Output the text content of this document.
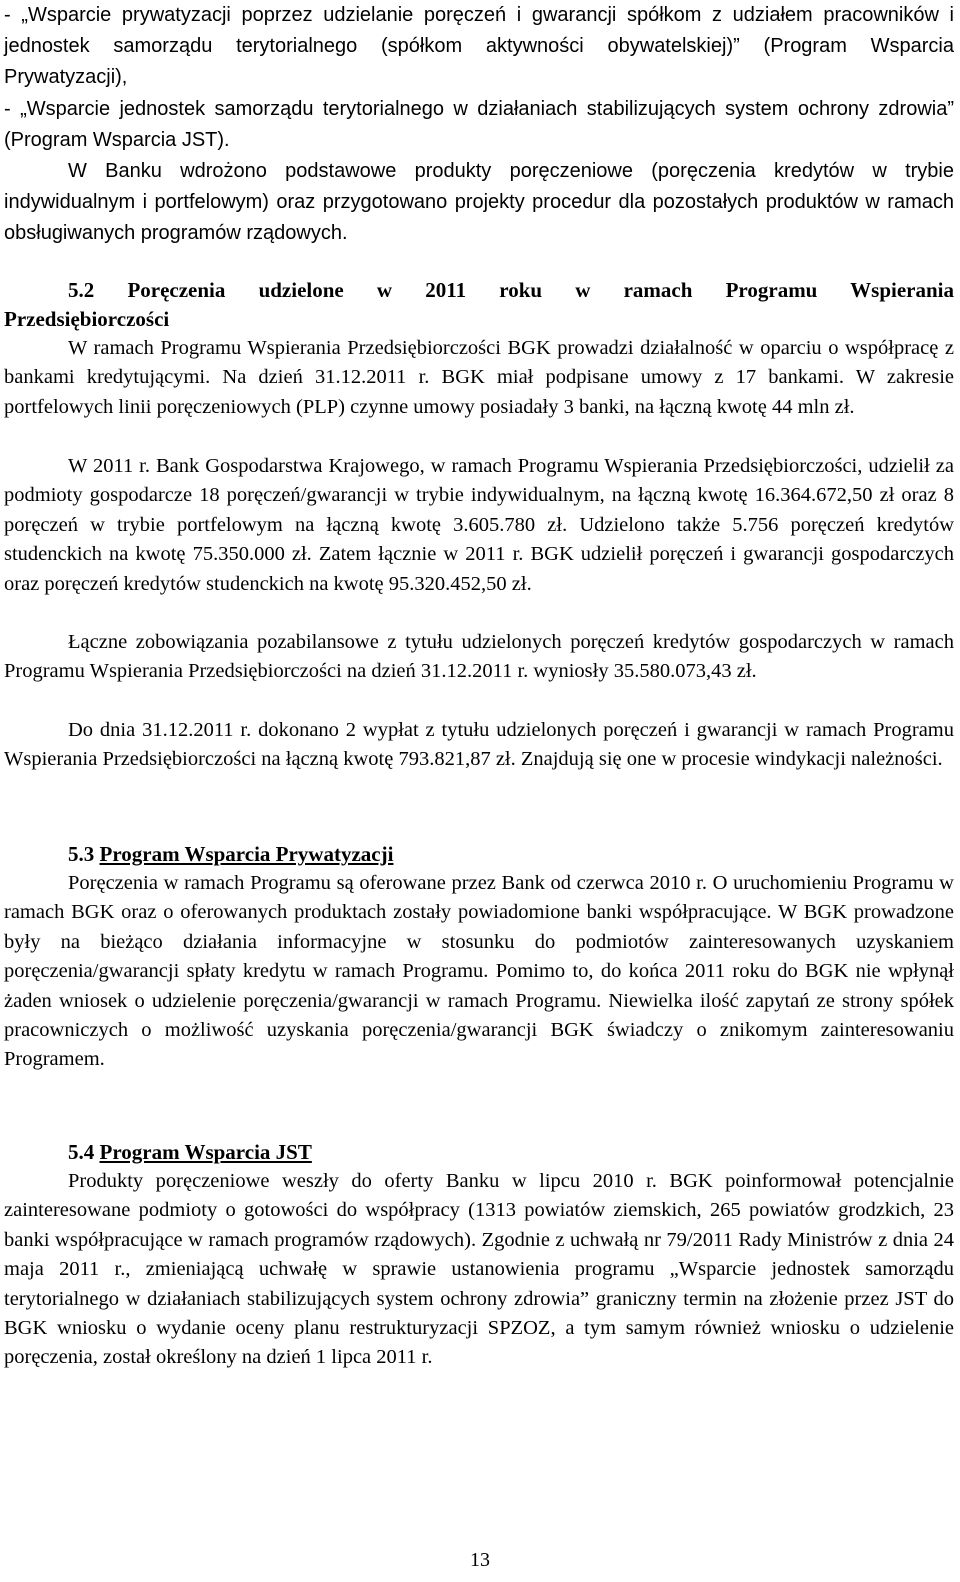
- „Wsparcie prywatyzacji poprzez udzielanie poręczeń i gwarancji spółkom z udziałem pracowników i jednostek samorządu terytorialnego (spółkom aktywności obywatelskiej)” (Program Wsparcia Prywatyzacji),

- „Wsparcie jednostek samorządu terytorialnego w działaniach stabilizujących system ochrony zdrowia” (Program Wsparcia JST).

W Banku wdrożono podstawowe produkty poręczeniowe (poręczenia kredytów w trybie indywidualnym i portfelowym) oraz przygotowano projekty procedur dla pozostałych produktów w ramach obsługiwanych programów rządowych.

5.2 Poręczenia udzielone w 2011 roku w ramach Programu Wspierania
Przedsiębiorczości

W ramach Programu Wspierania Przedsiębiorczości BGK prowadzi działalność w oparciu o współpracę z bankami kredytującymi. Na dzień 31.12.2011 r. BGK miał podpisane umowy z 17 bankami. W zakresie portfelowych linii poręczeniowych (PLP) czynne umowy posiadały 3 banki, na łączną kwotę 44 mln zł.

W 2011 r. Bank Gospodarstwa Krajowego, w ramach Programu Wspierania Przedsiębiorczości, udzielił za podmioty gospodarcze 18 poręczeń/gwarancji w trybie indywidualnym, na łączną kwotę 16.364.672,50 zł oraz 8 poręczeń w trybie portfelowym na łączną kwotę 3.605.780 zł. Udzielono także 5.756 poręczeń kredytów studenckich na kwotę 75.350.000 zł. Zatem łącznie w 2011 r. BGK udzielił poręczeń i gwarancji gospodarczych oraz poręczeń kredytów studenckich na kwotę 95.320.452,50 zł.

Łączne zobowiązania pozabilansowe z tytułu udzielonych poręczeń kredytów gospodarczych w ramach Programu Wspierania Przedsiębiorczości na dzień 31.12.2011 r. wyniosły 35.580.073,43 zł.

Do dnia 31.12.2011 r. dokonano 2 wypłat z tytułu udzielonych poręczeń i gwarancji w ramach Programu Wspierania Przedsiębiorczości na łączną kwotę 793.821,87 zł. Znajdują się one w procesie windykacji należności.

5.3 Program Wsparcia Prywatyzacji

Poręczenia w ramach Programu są oferowane przez Bank od czerwca 2010 r. O uruchomieniu Programu w ramach BGK oraz o oferowanych produktach zostały powiadomione banki współpracujące. W BGK prowadzone były na bieżąco działania informacyjne w stosunku do podmiotów zainteresowanych uzyskaniem poręczenia/gwarancji spłaty kredytu w ramach Programu. Pomimo to, do końca 2011 roku do BGK nie wpłynął żaden wniosek o udzielenie poręczenia/gwarancji w ramach Programu. Niewielka ilość zapytań ze strony spółek pracowniczych o możliwość uzyskania poręczenia/gwarancji BGK świadczy o znikomym zainteresowaniu Programem.

5.4 Program Wsparcia JST

Produkty poręczeniowe weszły do oferty Banku w lipcu 2010 r. BGK poinformował potencjalnie zainteresowane podmioty o gotowości do współpracy (1313 powiatów ziemskich, 265 powiatów grodzkich, 23 banki współpracujące w ramach programów rządowych). Zgodnie z uchwałą nr 79/2011 Rady Ministrów z dnia 24 maja 2011 r., zmieniającą uchwałę w sprawie ustanowienia programu „Wsparcie jednostek samorządu terytorialnego w działaniach stabilizujących system ochrony zdrowia” graniczny termin na złożenie przez JST do BGK wniosku o wydanie oceny planu restrukturyzacji SPZOZ, a tym samym również wniosku o udzielenie poręczenia, został określony na dzień 1 lipca 2011 r.

13
